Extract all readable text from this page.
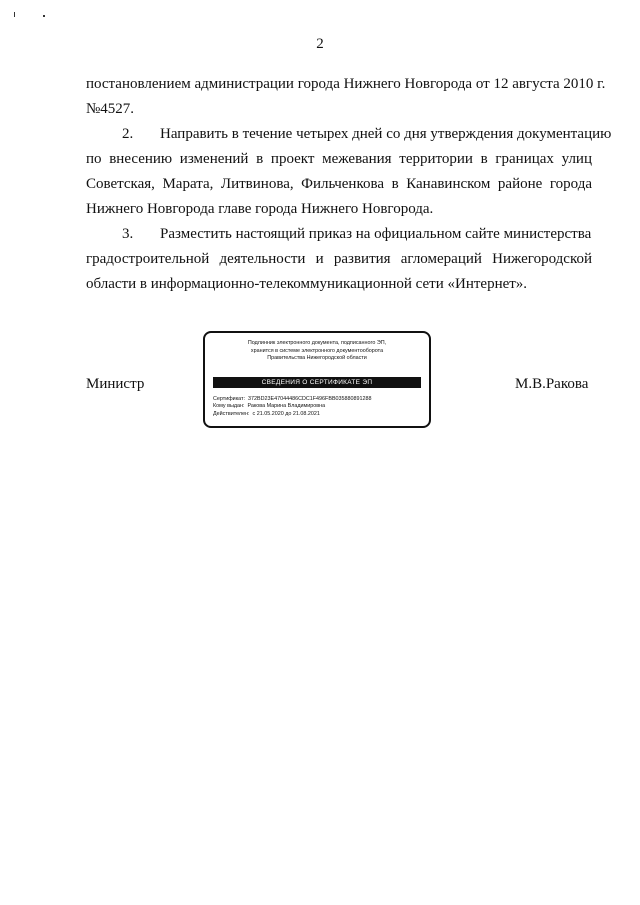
2
постановлением администрации города Нижнего Новгорода от 12 августа 2010 г.
№4527.
2. Направить в течение четырех дней со дня утверждения документацию
по внесению изменений в проект межевания территории в границах улиц
Советская, Марата, Литвинова, Фильченкова в Канавинском районе города
Нижнего Новгорода главе города Нижнего Новгорода.
3. Разместить настоящий приказ на официальном сайте министерства
градостроительной деятельности и развития агломераций Нижегородской
области в информационно-телекоммуникационной сети «Интернет».
Министр
Подлинник электронного документа, подписанного ЭП,
хранится в системе электронного документооборота
Правительства Нижегородской области
СВЕДЕНИЯ О СЕРТИФИКАТЕ ЭП
Сертификат: 372BD23E47044486CDC1F496FBB035880891288
Кому выдан: Ракова Марина Владимировна
Действителен: с 21.05.2020 до 21.08.2021
М.В.Ракова
